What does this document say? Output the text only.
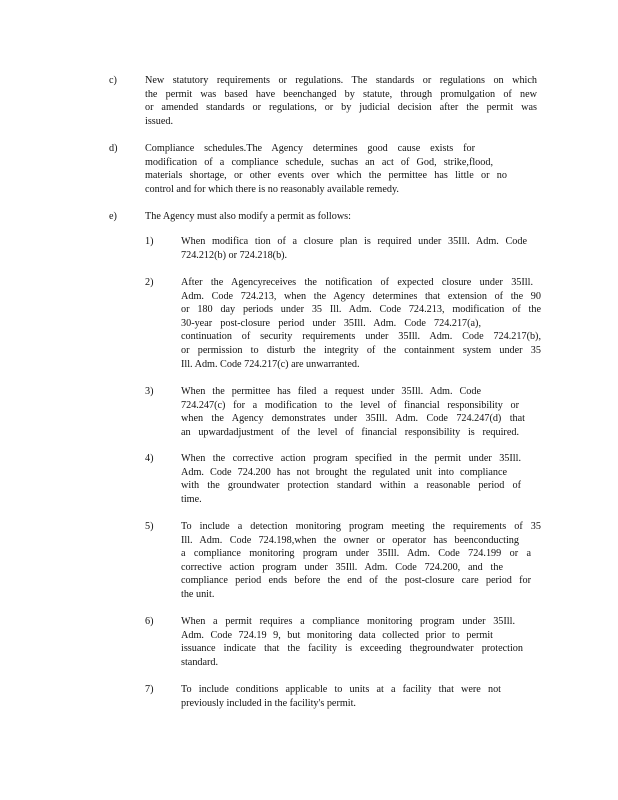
c)	New statutory requirements or regulations. The standards or regulations on which
the permit was based have beenchanged by statute, through promulgation of new
or amended standards or regulations, or by judicial decision after the permit was
issued.
d)	Compliance schedules.The Agency determines good cause exists for
modification of a compliance schedule, suchas an act of God, strike,flood,
materials shortage, or other events over which the permittee has little or no
control and for which there is no reasonably available remedy.
e)	The Agency must also modify a permit as follows:
1)	When modifica tion of a closure plan is required under 35Ill. Adm. Code
724.212(b) or 724.218(b).
2)	After the Agencyreceives the notification of expected closure under 35Ill.
Adm. Code 724.213, when the Agency determines that extension of the 90
or 180 day periods under 35 Ill. Adm. Code 724.213, modification of the
30-year post-closure period under 35Ill. Adm. Code 724.217(a),
continuation of security requirements under 35Ill. Adm. Code 724.217(b),
or permission to disturb the integrity of the containment system under 35
Ill. Adm. Code 724.217(c) are unwarranted.
3)	When the permittee has filed a request under 35Ill. Adm. Code
724.247(c) for a modification to the level of financial responsibility or
when the Agency demonstrates under 35Ill. Adm. Code 724.247(d) that
an upwardadjustment of the level of financial responsibility is required.
4)	When the corrective action program specified in the permit under 35Ill.
Adm. Code 724.200 has not brought the regulated unit into compliance
with the groundwater protection standard within a reasonable period of
time.
5)	To include a detection monitoring program meeting the requirements of 35
Ill. Adm. Code 724.198,when the owner or operator has beenconducting
a compliance monitoring program under 35Ill. Adm. Code 724.199 or a
corrective action program under 35Ill. Adm. Code 724.200, and the
compliance period ends before the end of the post-closure care period for
the unit.
6)	When a permit requires a compliance monitoring program under 35Ill.
Adm. Code 724.19 9, but monitoring data collected prior to permit
issuance indicate that the facility is exceeding thegroundwater protection
standard.
7)	To include conditions applicable to units at a facility that were not
previously included in the facility's permit.
